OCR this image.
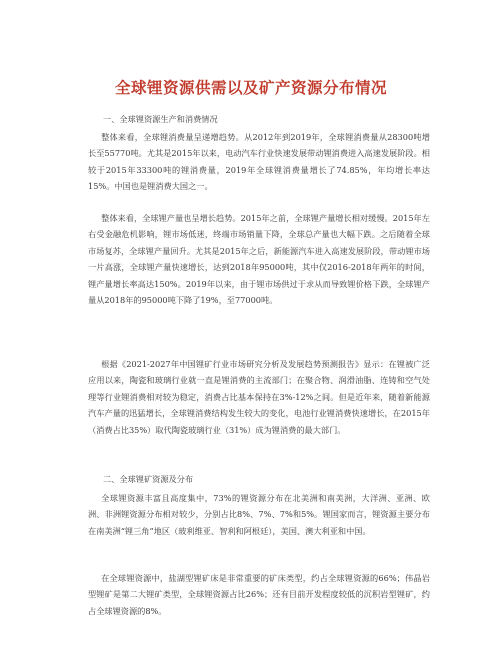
全球锂资源供需以及矿产资源分布情况
一、全球锂资源生产和消费情况

整体来看，全球锂消费量呈递增趋势。从2012年到2019年，全球锂消费量从28300吨增长至55770吨。尤其是2015年以来，电动汽车行业快速发展带动锂消费进入高速发展阶段。相较于2015年33300吨的锂消费量，2019年全球锂消费量增长了74.85%，年均增长率达15%。中国也是锂消费大国之一。

整体来看，全球锂产量也呈增长趋势。2015年之前，全球锂产量增长相对缓慢。2015年左右受金融危机影响，锂市场低迷，终端市场销量下降，全球总产量也大幅下跌。之后随着全球市场复苏，全球锂产量回升。尤其是2015年之后，新能源汽车进入高速发展阶段，带动锂市场一片高涨，全球锂产量快速增长，达到2018年95000吨，其中仅2016-2018年两年的时间，锂产量增长率高达150%。2019年以来，由于锂市场供过于求从而导致锂价格下跌，全球锂产量从2018年的95000吨下降了19%，至77000吨。

根据《2021-2027年中国锂矿行业市场研究分析及发展趋势预测报告》显示：在锂被广泛应用以来，陶瓷和玻璃行业就一直是锂消费的主流部门；在聚合物、润滑油脂、连铸和空气处理等行业锂消费相对较为稳定，消费占比基本保持在3%-12%之间。但是近年来，随着新能源汽车产量的迅猛增长，全球锂消费结构发生较大的变化，电池行业锂消费快速增长，在2015年（消费占比35%）取代陶瓷玻璃行业（31%）成为锂消费的最大部门。

二、全球锂矿资源及分布

全球锂资源丰富且高度集中，73%的锂资源分布在北美洲和南美洲，大洋洲、亚洲、欧洲、非洲锂资源分布相对较少，分别占比8%、7%、7%和5%。锂国家而言，锂资源主要分布在南美洲“锂三角”地区（玻利维亚、智利和阿根廷），美国、澳大利亚和中国。

在全球锂资源中，盐湖型锂矿床是非常重要的矿床类型，约占全球锂资源的66%；伟晶岩型锂矿是第二大锂矿类型，全球锂资源占比26%；还有目前开发程度较低的沉积岩型锂矿，约占全球锂资源的8%。
